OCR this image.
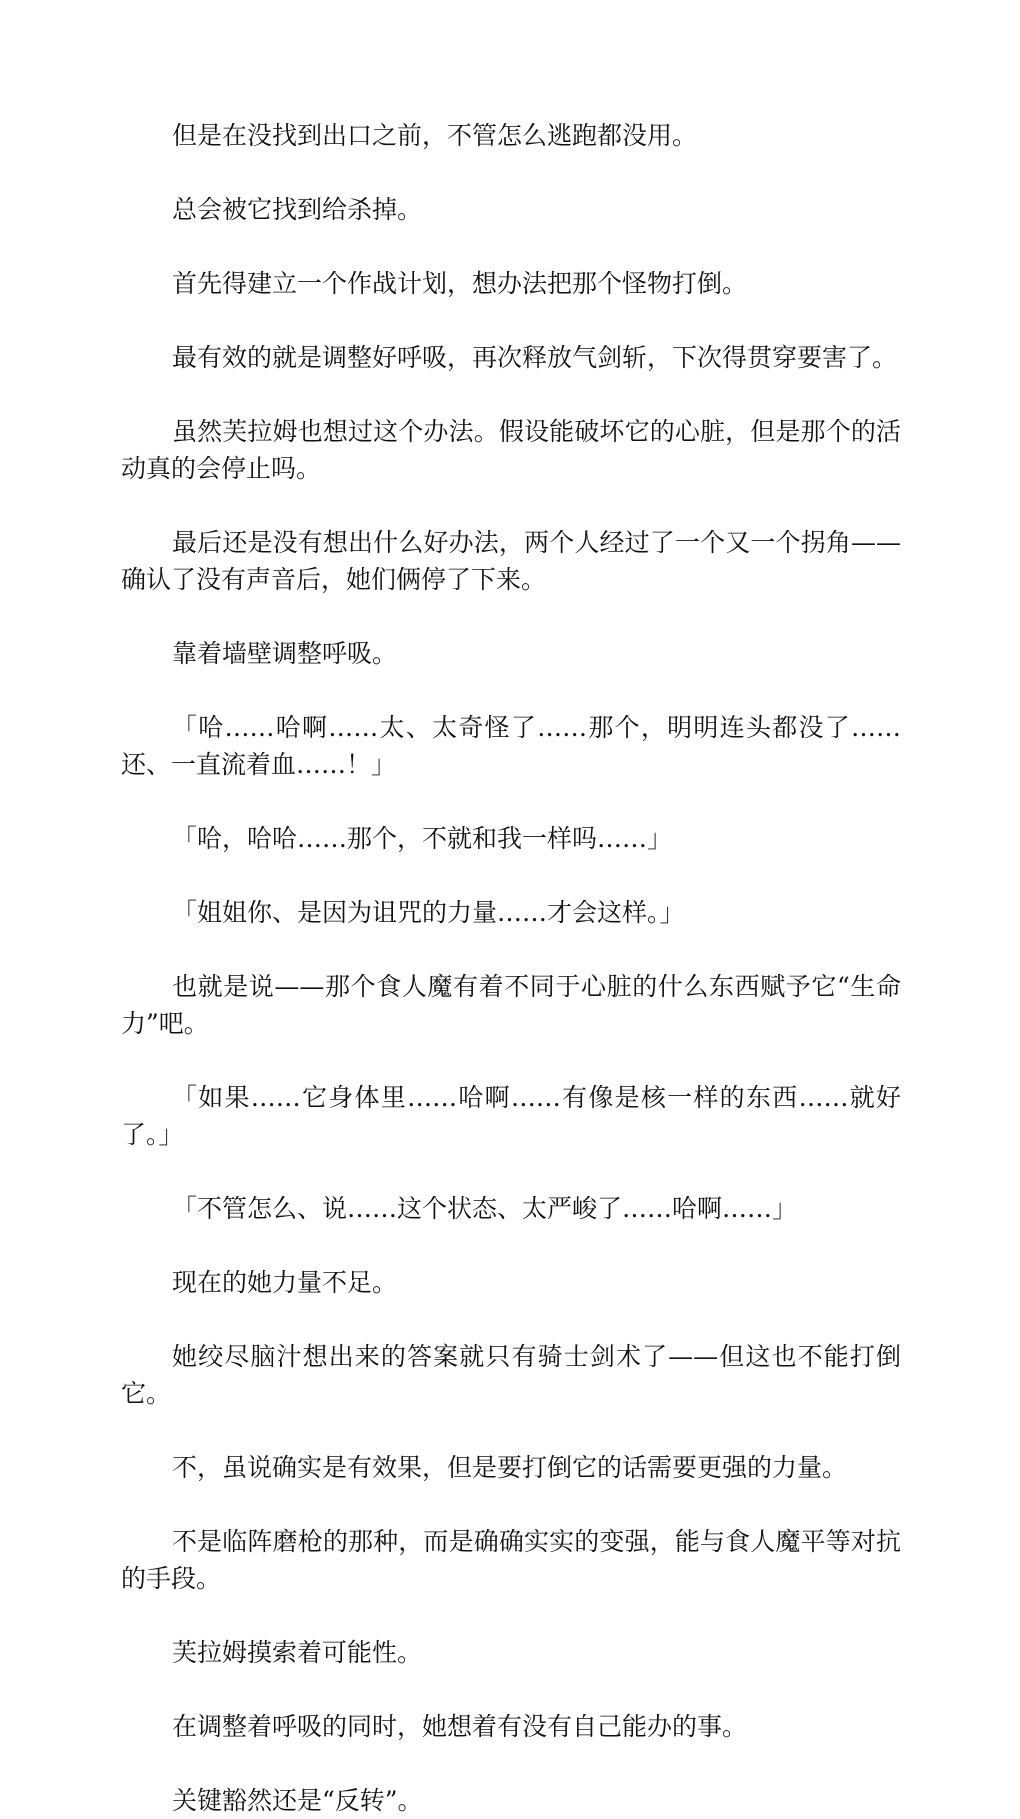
但是在没找到出口之前，不管怎么逃跑都没用。

总会被它找到给杀掉。

首先得建立一个作战计划，想办法把那个怪物打倒。

最有效的就是调整好呼吸，再次释放气剑斩，下次得贯穿要害了。

虽然芙拉姆也想过这个办法。假设能破坏它的心脏，但是那个的活动真的会停止吗。

最后还是没有想出什么好办法，两个人经过了一个又一个拐角——确认了没有声音后，她们俩停了下来。

靠着墙壁调整呼吸。

「哈……哈啊……太、太奇怪了……那个，明明连头都没了……还、一直流着血……！」

「哈，哈哈……那个，不就和我一样吗……」

「姐姐你、是因为诅咒的力量……才会这样。」

也就是说——那个食人魔有着不同于心脏的什么东西赋予它“生命力”吧。

「如果……它身体里……哈啊……有像是核一样的东西……就好了。」

「不管怎么、说……这个状态、太严峻了……哈啊……」

现在的她力量不足。

她绞尽脑汁想出来的答案就只有骑士剑术了——但这也不能打倒它。

不，虽说确实是有效果，但是要打倒它的话需要更强的力量。

不是临阵磨枪的那种，而是确确实实的变强，能与食人魔平等对抗的手段。

芙拉姆摸索着可能性。

在调整着呼吸的同时，她想着有没有自己能办的事。

关键豁然还是“反转”。
